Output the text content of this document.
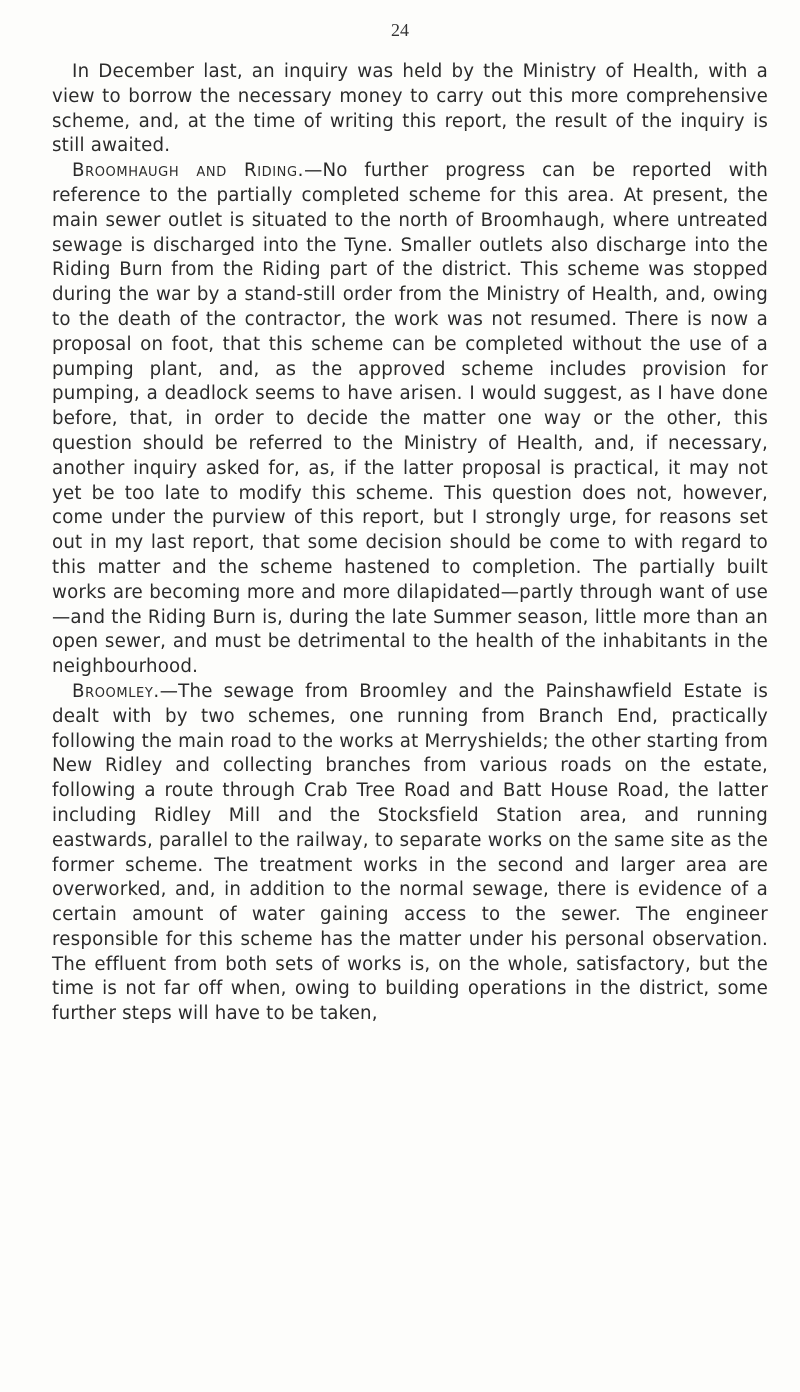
24

In December last, an inquiry was held by the Ministry of Health, with a view to borrow the necessary money to carry out this more comprehensive scheme, and, at the time of writing this report, the result of the inquiry is still awaited.

Broomhaugh and Riding.—No further progress can be reported with reference to the partially completed scheme for this area. At present, the main sewer outlet is situated to the north of Broomhaugh, where untreated sewage is discharged into the Tyne. Smaller outlets also discharge into the Riding Burn from the Riding part of the district. This scheme was stopped during the war by a stand-still order from the Ministry of Health, and, owing to the death of the contractor, the work was not resumed. There is now a proposal on foot, that this scheme can be completed without the use of a pumping plant, and, as the approved scheme includes provision for pumping, a deadlock seems to have arisen. I would suggest, as I have done before, that, in order to decide the matter one way or the other, this question should be referred to the Ministry of Health, and, if necessary, another inquiry asked for, as, if the latter proposal is practical, it may not yet be too late to modify this scheme. This question does not, however, come under the purview of this report, but I strongly urge, for reasons set out in my last report, that some decision should be come to with regard to this matter and the scheme hastened to completion. The partially built works are becoming more and more dilapidated—partly through want of use—and the Riding Burn is, during the late Summer season, little more than an open sewer, and must be detrimental to the health of the inhabitants in the neighbourhood.

Broomley.—The sewage from Broomley and the Painshawfield Estate is dealt with by two schemes, one running from Branch End, practically following the main road to the works at Merryshields; the other starting from New Ridley and collecting branches from various roads on the estate, following a route through Crab Tree Road and Batt House Road, the latter including Ridley Mill and the Stocksfield Station area, and running eastwards, parallel to the railway, to separate works on the same site as the former scheme. The treatment works in the second and larger area are overworked, and, in addition to the normal sewage, there is evidence of a certain amount of water gaining access to the sewer. The engineer responsible for this scheme has the matter under his personal observation. The effluent from both sets of works is, on the whole, satisfactory, but the time is not far off when, owing to building operations in the district, some further steps will have to be taken,
